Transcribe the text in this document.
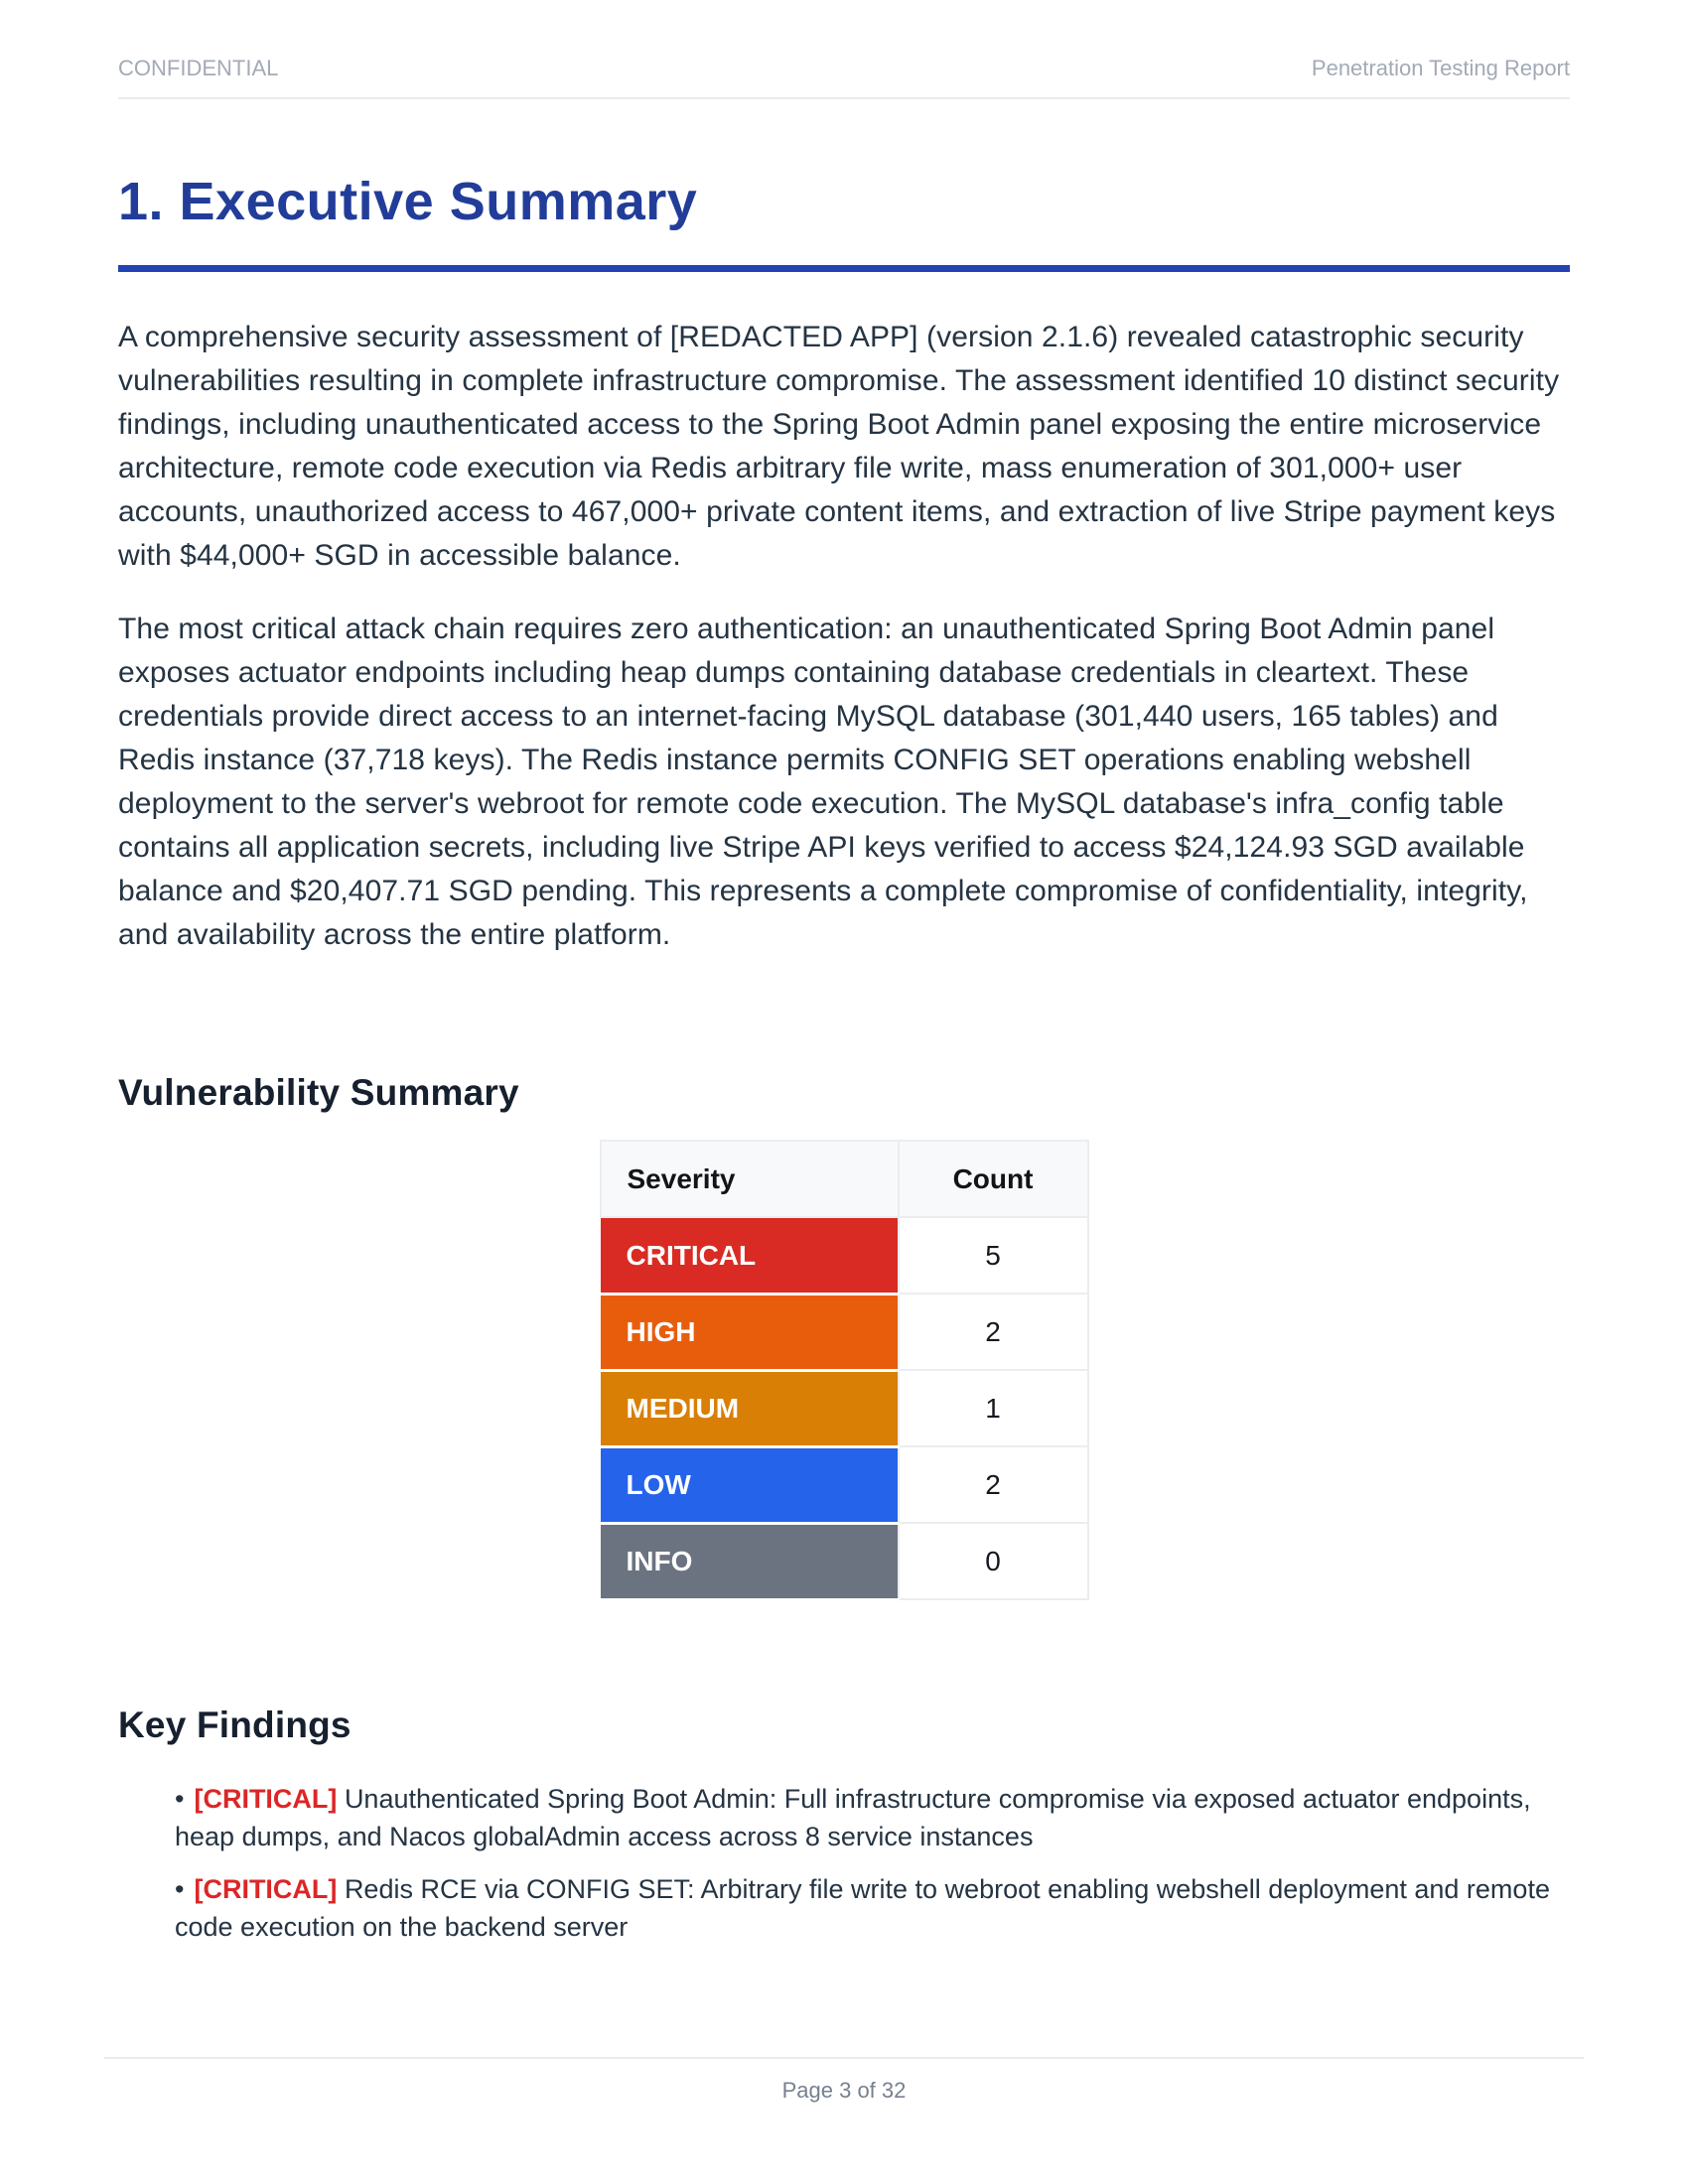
CONFIDENTIAL	Penetration Testing Report
1. Executive Summary

A comprehensive security assessment of [REDACTED APP] (version 2.1.6) revealed catastrophic security vulnerabilities resulting in complete infrastructure compromise. The assessment identified 10 distinct security findings, including unauthenticated access to the Spring Boot Admin panel exposing the entire microservice architecture, remote code execution via Redis arbitrary file write, mass enumeration of 301,000+ user accounts, unauthorized access to 467,000+ private content items, and extraction of live Stripe payment keys with $44,000+ SGD in accessible balance.

The most critical attack chain requires zero authentication: an unauthenticated Spring Boot Admin panel exposes actuator endpoints including heap dumps containing database credentials in cleartext. These credentials provide direct access to an internet-facing MySQL database (301,440 users, 165 tables) and Redis instance (37,718 keys). The Redis instance permits CONFIG SET operations enabling webshell deployment to the server's webroot for remote code execution. The MySQL database's infra_config table contains all application secrets, including live Stripe API keys verified to access $24,124.93 SGD available balance and $20,407.71 SGD pending. This represents a complete compromise of confidentiality, integrity, and availability across the entire platform.

Vulnerability Summary
Severity	Count
CRITICAL	5
HIGH	2
MEDIUM	1
LOW	2
INFO	0
Key Findings

• [CRITICAL] Unauthenticated Spring Boot Admin: Full infrastructure compromise via exposed actuator endpoints, heap dumps, and Nacos globalAdmin access across 8 service instances

• [CRITICAL] Redis RCE via CONFIG SET: Arbitrary file write to webroot enabling webshell deployment and remote code execution on the backend server

Page 3 of 32
